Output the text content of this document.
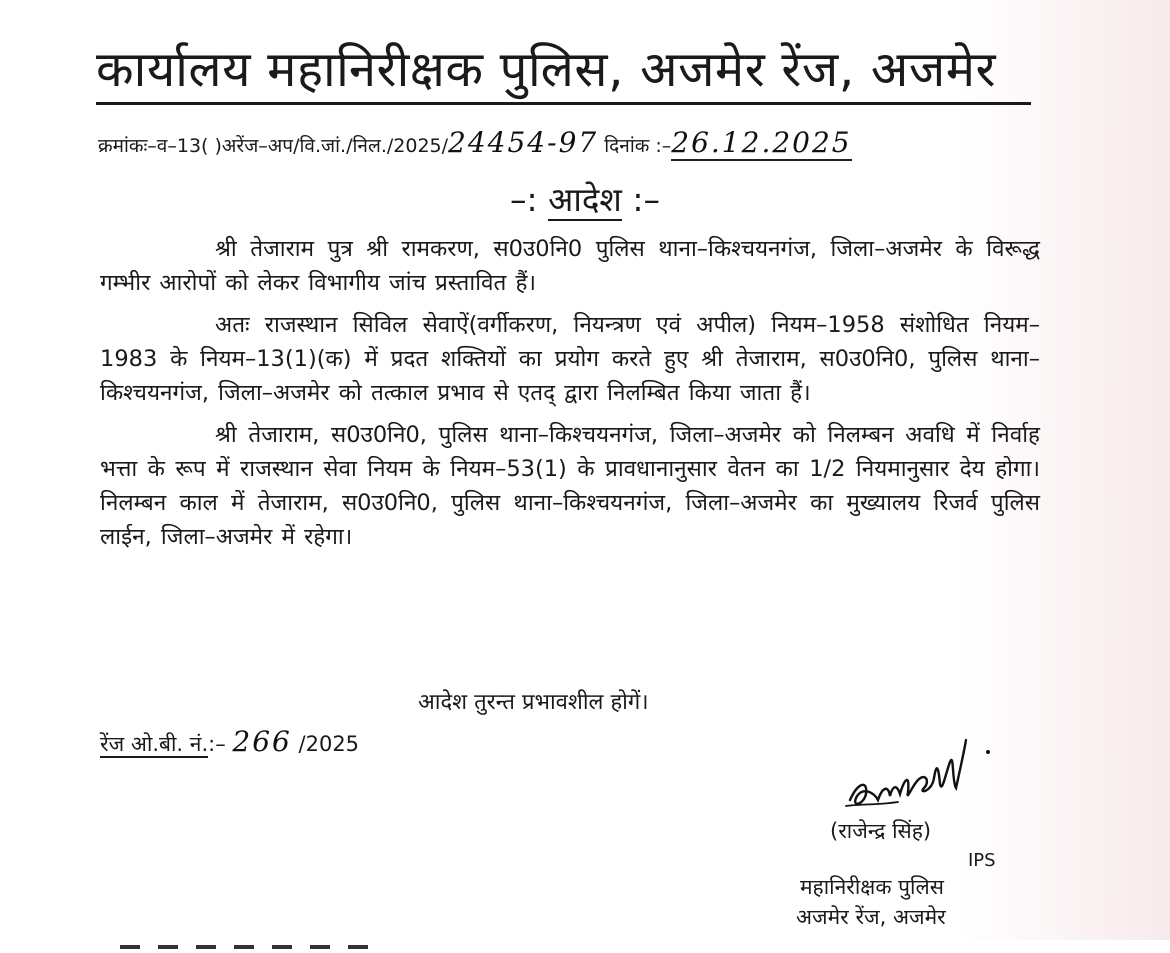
कार्यालय महानिरीक्षक पुलिस, अजमेर रेंज, अजमेर
क्रमांकः–व–13( )अरेंज–अप/वि.जां./निल./2025/24454-97 दिनांक :–26.12.2025
–: आदेश :–

श्री तेजाराम पुत्र श्री रामकरण, स0उ0नि0 पुलिस थाना–किश्चयनगंज, जिला–अजमेर के विरूद्ध गम्भीर आरोपों को लेकर विभागीय जांच प्रस्तावित हैं।

अतः राजस्थान सिविल सेवाऐं(वर्गीकरण, नियन्त्रण एवं अपील) नियम–1958 संशोधित नियम–1983 के नियम–13(1)(क) में प्रदत शक्तियों का प्रयोग करते हुए श्री तेजाराम, स0उ0नि0, पुलिस थाना–किश्चयनगंज, जिला–अजमेर को तत्काल प्रभाव से एतद् द्वारा निलम्बित किया जाता हैं।

श्री तेजाराम, स0उ0नि0, पुलिस थाना–किश्चयनगंज, जिला–अजमेर को निलम्बन अवधि में निर्वाह भत्ता के रूप में राजस्थान सेवा नियम के नियम–53(1) के प्रावधानानुसार वेतन का 1/2 नियमानुसार देय होगा। निलम्बन काल में तेजाराम, स0उ0नि0, पुलिस थाना–किश्चयनगंज, जिला–अजमेर का मुख्यालय रिजर्व पुलिस लाईन, जिला–अजमेर में रहेगा।

आदेश तुरन्त प्रभावशील होगें।
रेंज ओ.बी. नं.:– 266 /2025
(राजेन्द्र सिंह)
IPS
महानिरीक्षक पुलिस
अजमेर रेंज, अजमेर
